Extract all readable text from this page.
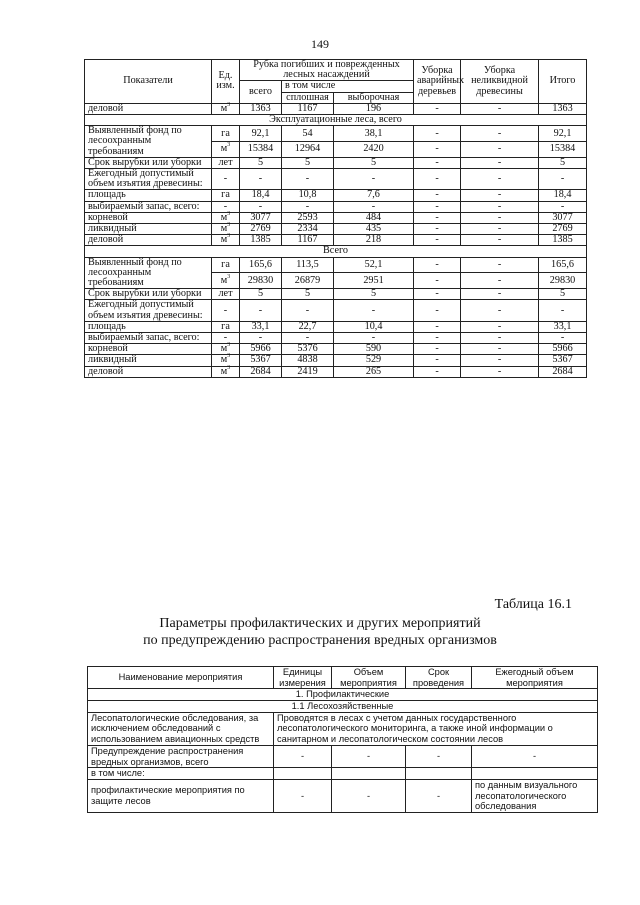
149
Показатели	Ед. изм.	Рубка погибших и поврежденных лесных насаждений			Уборка аварийных деревьев	Уборка неликвидной древесины	Итого
		всего	в том числе				
			сплошная	выборочная			
деловой	$м^3$	1363	1167	196	-	-	1363
Эксплуатационные леса, всего							
Выявленный фонд по лесоохранным требованиям	га	92,1	54	38,1	-	-	92,1
	$м^3$	15384	12964	2420	-	-	15384
Срок вырубки или уборки	лет	5	5	5	-	-	5
Ежегодный допустимый объем изъятия древесины:	-	-	-	-	-	-	-
площадь	га	18,4	10,8	7,6	-	-	18,4
выбираемый запас, всего:	-	-	-	-	-	-	-
корневой	$м^3$	3077	2593	484	-	-	3077
ликвидный	$м^3$	2769	2334	435	-	-	2769
деловой	$м^3$	1385	1167	218	-	-	1385
Всего							
Выявленный фонд по лесоохранным требованиям	га	165,6	113,5	52,1	-	-	165,6
	$м^3$	29830	26879	2951	-	-	29830
Срок вырубки или уборки	лет	5	5	5	-	-	5
Ежегодный допустимый объем изъятия древесины:	-	-	-	-	-	-	-
площадь	га	33,1	22,7	10,4	-	-	33,1
выбираемый запас, всего:	-	-	-	-	-	-	-
корневой	$м^3$	5966	5376	590	-	-	5966
ликвидный	$м^3$	5367	4838	529	-	-	5367
деловой	$м^3$	2684	2419	265	-	-	2684
Таблица 16.1
Параметры профилактических и других мероприятий
по предупреждению распространения вредных организмов
Наименование мероприятия	Единицы измерения	Объем мероприятия	Срок проведения	Ежегодный объем мероприятия
1. Профилактические				
1.1 Лесохозяйственные				
Лесопатологические обследования, за исключением обследований с использованием авиационных средств	Проводятся в лесах с учетом данных государственного лесопатологического мониторинга, а также иной информации о санитарном и лесопатологическом состоянии лесов			
Предупреждение распространения вредных организмов, всего	-	-	-	-
в том числе:				
профилактические мероприятия по защите лесов	-	-	-	по данным визуального лесопатологического обследования
